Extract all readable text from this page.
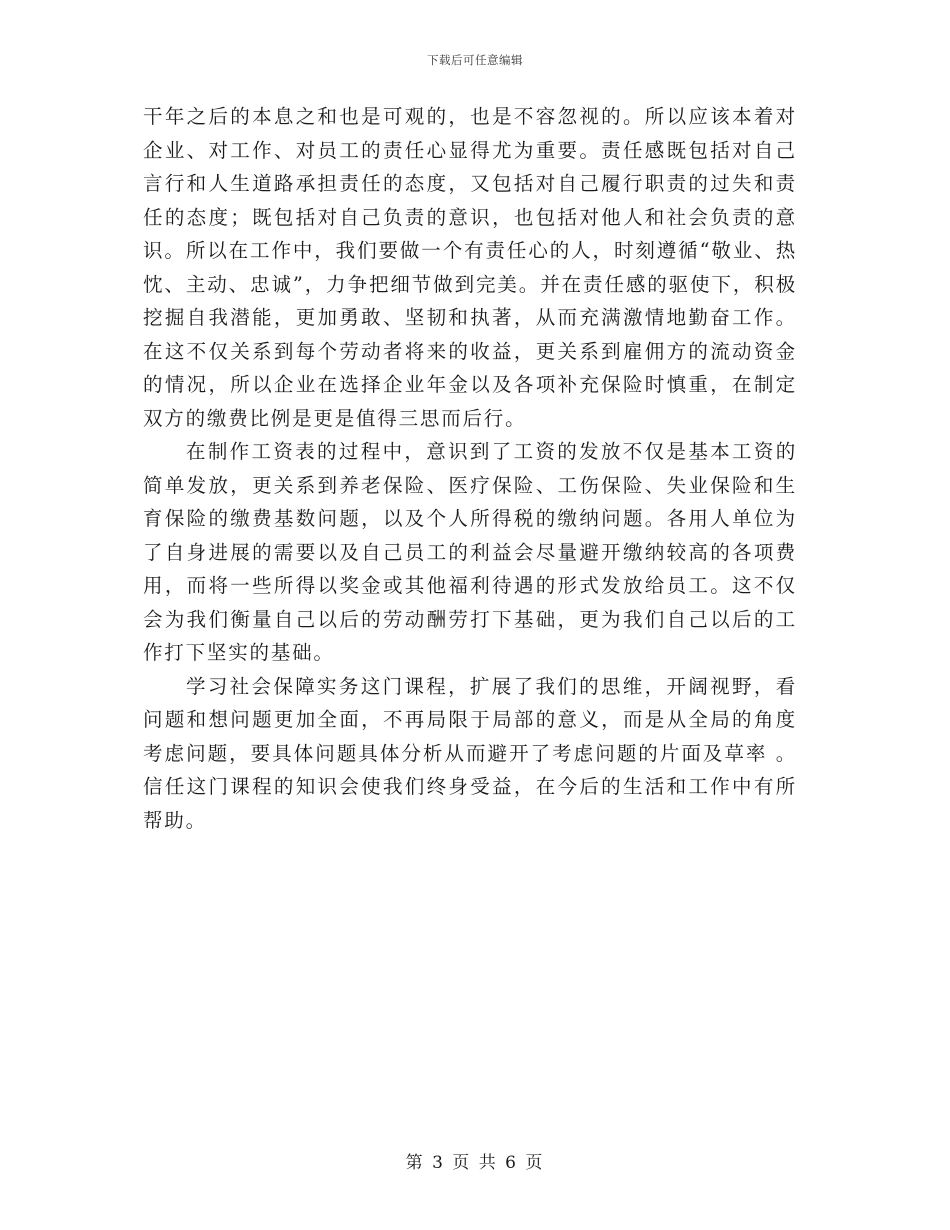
下载后可任意编辑

干年之后的本息之和也是可观的，也是不容忽视的。所以应该本着对企业、对工作、对员工的责任心显得尤为重要。责任感既包括对自己言行和人生道路承担责任的态度，又包括对自己履行职责的过失和责任的态度；既包括对自己负责的意识，也包括对他人和社会负责的意识。所以在工作中，我们要做一个有责任心的人，时刻遵循“敬业、热忱、主动、忠诚”，力争把细节做到完美。并在责任感的驱使下，积极挖掘自我潜能，更加勇敢、坚韧和执著，从而充满激情地勤奋工作。在这不仅关系到每个劳动者将来的收益，更关系到雇佣方的流动资金的情况，所以企业在选择企业年金以及各项补充保险时慎重，在制定双方的缴费比例是更是值得三思而后行。

在制作工资表的过程中，意识到了工资的发放不仅是基本工资的简单发放，更关系到养老保险、医疗保险、工伤保险、失业保险和生育保险的缴费基数问题，以及个人所得税的缴纳问题。各用人单位为了自身进展的需要以及自己员工的利益会尽量避开缴纳较高的各项费用，而将一些所得以奖金或其他福利待遇的形式发放给员工。这不仅会为我们衡量自己以后的劳动酬劳打下基础，更为我们自己以后的工作打下坚实的基础。

学习社会保障实务这门课程，扩展了我们的思维，开阔视野，看问题和想问题更加全面，不再局限于局部的意义，而是从全局的角度考虑问题，要具体问题具体分析从而避开了考虑问题的片面及草率 。信任这门课程的知识会使我们终身受益，在今后的生活和工作中有所帮助。

第 3 页 共 6 页
